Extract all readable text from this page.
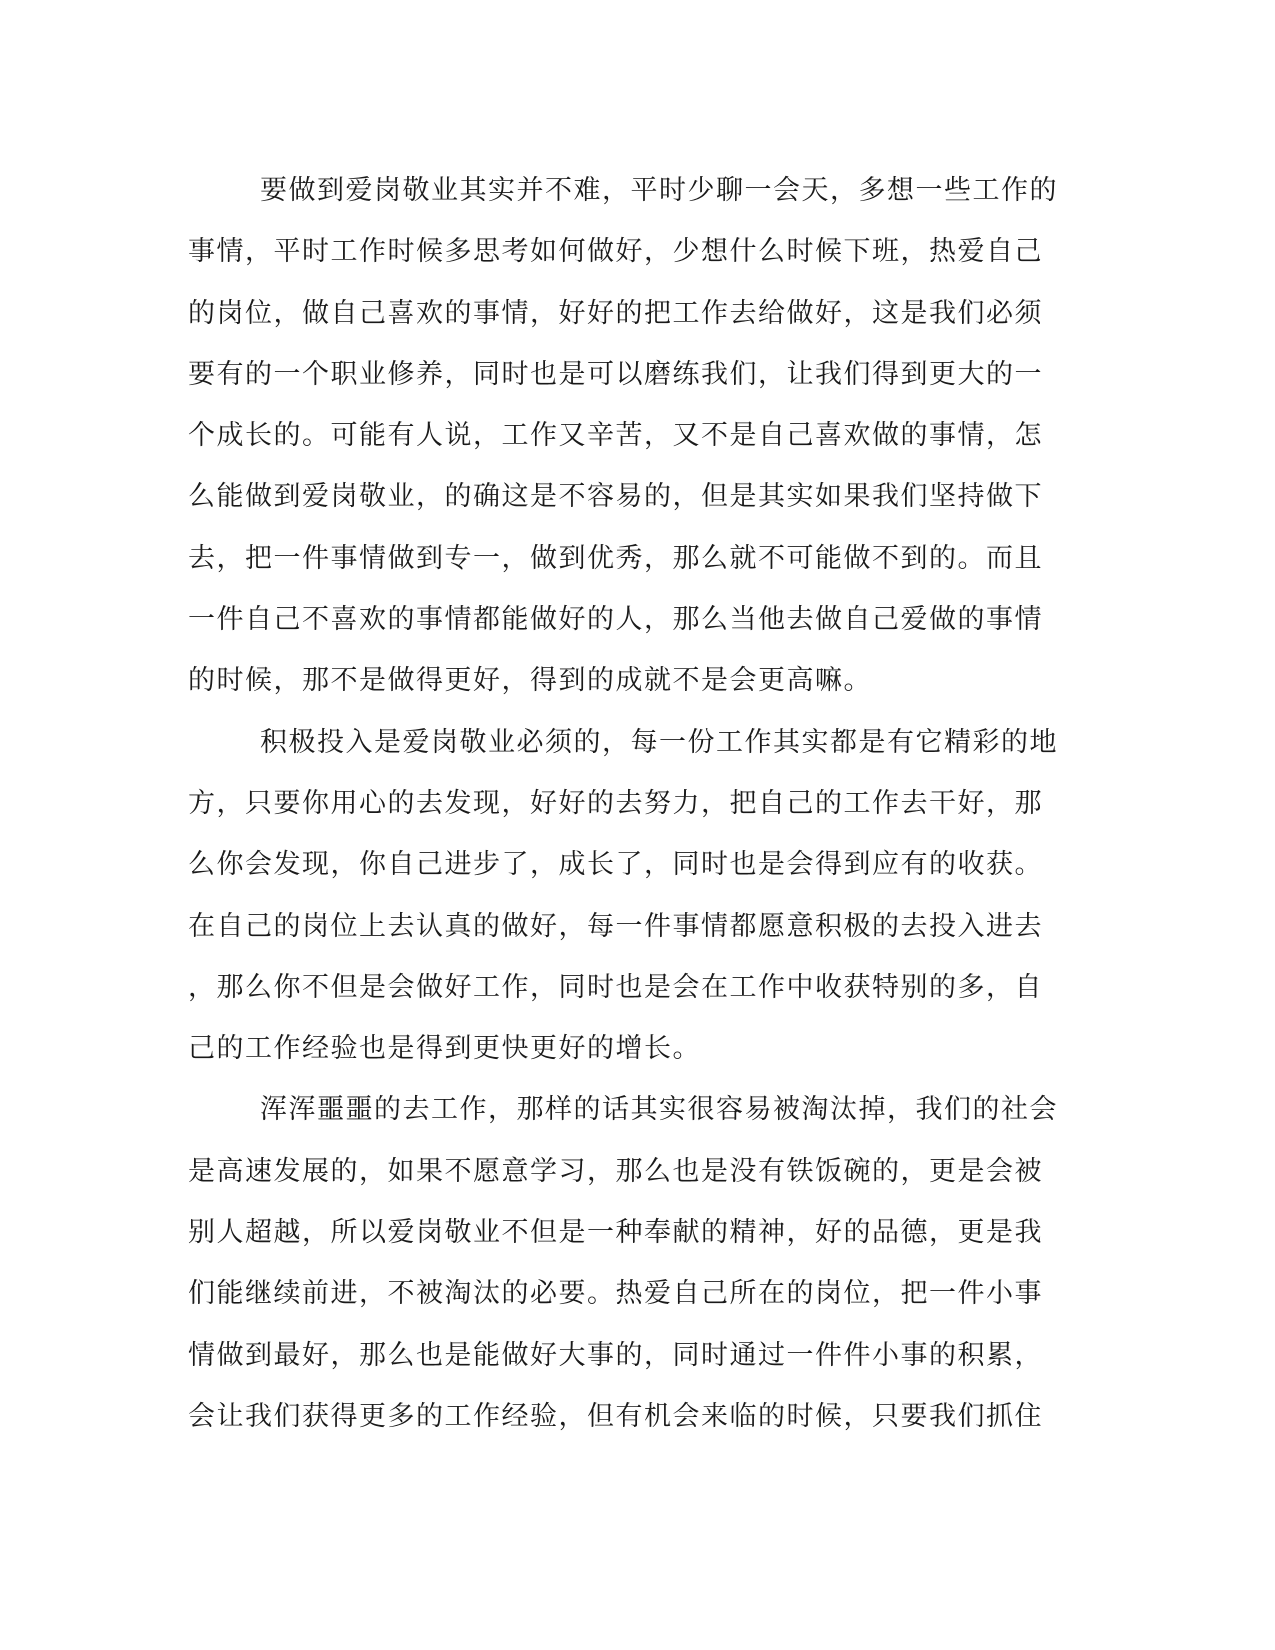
要做到爱岗敬业其实并不难，平时少聊一会天，多想一些工作的
事情，平时工作时候多思考如何做好，少想什么时候下班，热爱自己
的岗位，做自己喜欢的事情，好好的把工作去给做好，这是我们必须
要有的一个职业修养，同时也是可以磨练我们，让我们得到更大的一
个成长的。可能有人说，工作又辛苦，又不是自己喜欢做的事情，怎
么能做到爱岗敬业，的确这是不容易的，但是其实如果我们坚持做下
去，把一件事情做到专一，做到优秀，那么就不可能做不到的。而且
一件自己不喜欢的事情都能做好的人，那么当他去做自己爱做的事情
的时候，那不是做得更好，得到的成就不是会更高嘛。
积极投入是爱岗敬业必须的，每一份工作其实都是有它精彩的地
方，只要你用心的去发现，好好的去努力，把自己的工作去干好，那
么你会发现，你自己进步了，成长了，同时也是会得到应有的收获。
在自己的岗位上去认真的做好，每一件事情都愿意积极的去投入进去
，那么你不但是会做好工作，同时也是会在工作中收获特别的多，自
己的工作经验也是得到更快更好的增长。
浑浑噩噩的去工作，那样的话其实很容易被淘汰掉，我们的社会
是高速发展的，如果不愿意学习，那么也是没有铁饭碗的，更是会被
别人超越，所以爱岗敬业不但是一种奉献的精神，好的品德，更是我
们能继续前进，不被淘汰的必要。热爱自己所在的岗位，把一件小事
情做到最好，那么也是能做好大事的，同时通过一件件小事的积累，
会让我们获得更多的工作经验，但有机会来临的时候，只要我们抓住
